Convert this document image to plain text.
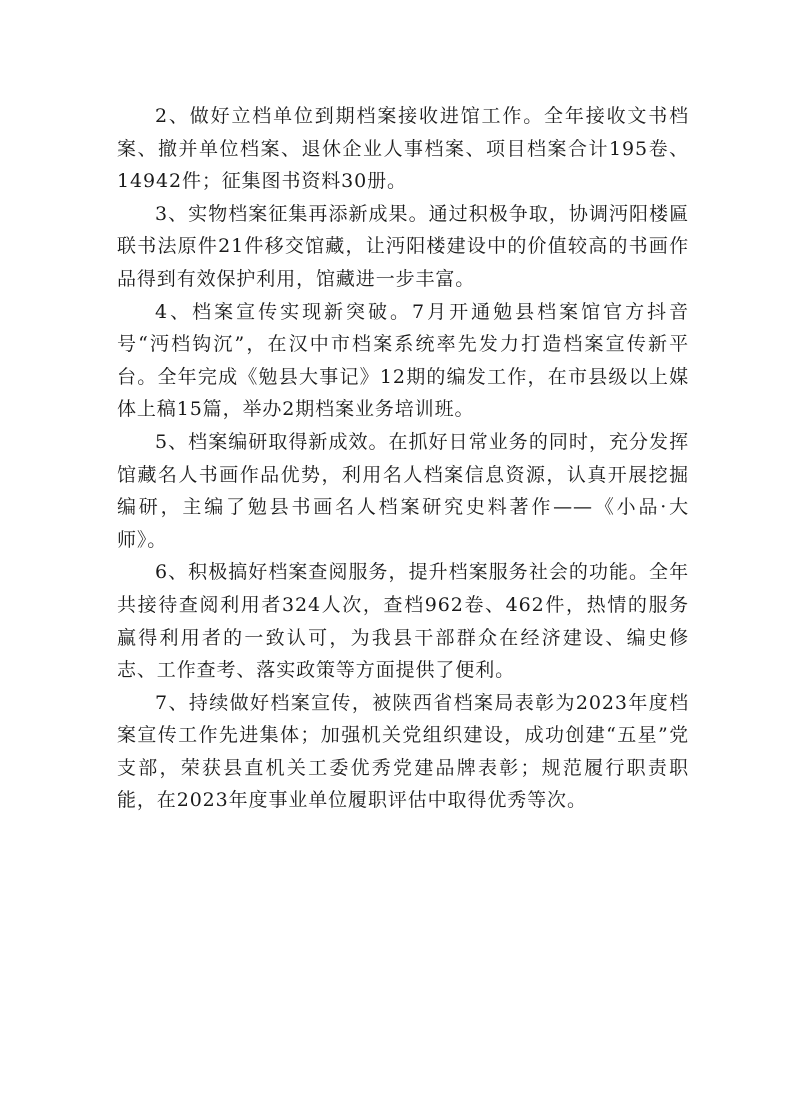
2、做好立档单位到期档案接收进馆工作。全年接收文书档案、撤并单位档案、退休企业人事档案、项目档案合计195卷、14942件；征集图书资料30册。

3、实物档案征集再添新成果。通过积极争取，协调沔阳楼匾联书法原件21件移交馆藏，让沔阳楼建设中的价值较高的书画作品得到有效保护利用，馆藏进一步丰富。

4、档案宣传实现新突破。7月开通勉县档案馆官方抖音号“沔档钩沉”，在汉中市档案系统率先发力打造档案宣传新平台。全年完成《勉县大事记》12期的编发工作，在市县级以上媒体上稿15篇，举办2期档案业务培训班。

5、档案编研取得新成效。在抓好日常业务的同时，充分发挥馆藏名人书画作品优势，利用名人档案信息资源，认真开展挖掘编研，主编了勉县书画名人档案研究史料著作——《小品·大师》。

6、积极搞好档案查阅服务，提升档案服务社会的功能。全年共接待查阅利用者324人次，查档962卷、462件，热情的服务赢得利用者的一致认可，为我县干部群众在经济建设、编史修志、工作查考、落实政策等方面提供了便利。

7、持续做好档案宣传，被陕西省档案局表彰为2023年度档案宣传工作先进集体；加强机关党组织建设，成功创建“五星”党支部，荣获县直机关工委优秀党建品牌表彰；规范履行职责职能，在2023年度事业单位履职评估中取得优秀等次。
